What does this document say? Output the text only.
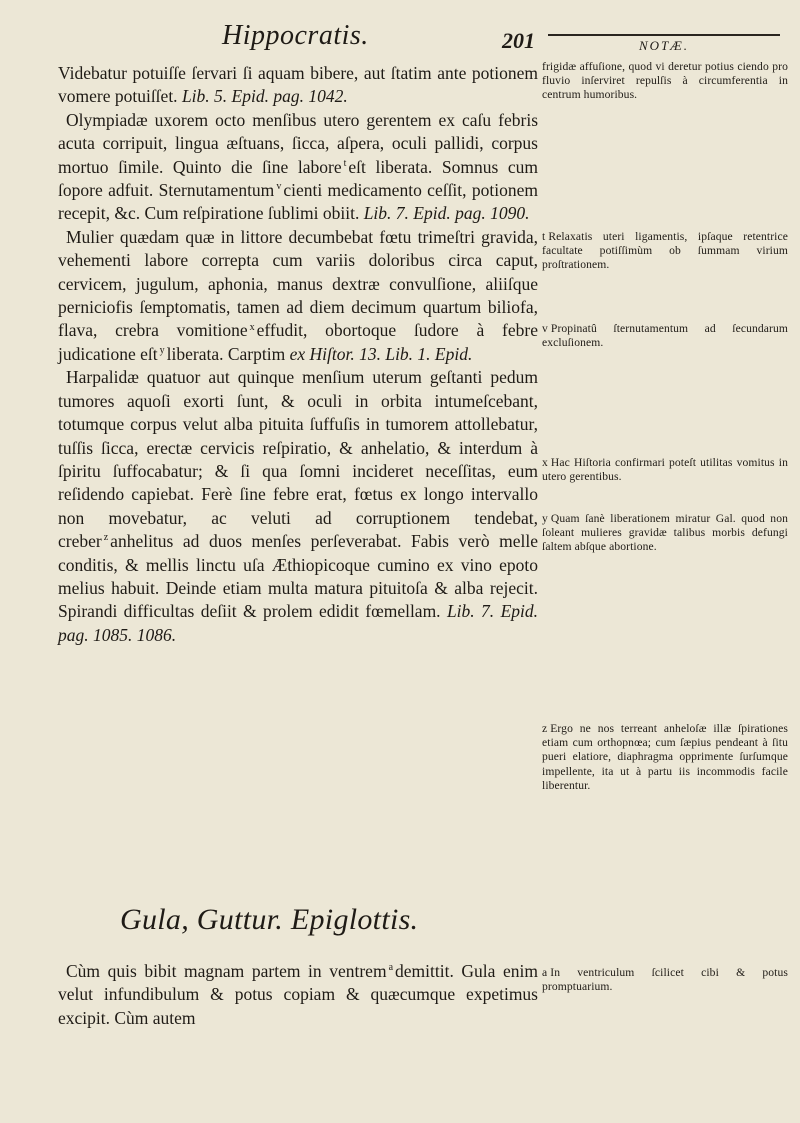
Hippocratis.	201	NOTÆ.

Videbatur potuiſſe ſervari ſi aquam bibere, aut ſtatim ante potionem vomere potuiſſet. Lib. 5. Epid. pag. 1042.

Olympiadæ uxorem octo menſibus utero gerentem ex caſu febris acuta corripuit, lingua æſtuans, ſicca, aſpera, oculi pallidi, corpus mortuo ſimile. Quinto die ſine labore $^t$ eſt liberata. Somnus cum ſopore adfuit. Sternutamentum $^v$ cienti medicamento ceſſit, potionem recepit, &c. Cum reſpiratione ſublimi obiit. Lib. 7. Epid. pag. 1090.

Mulier quædam quæ in littore decumbebat fœtu trimeſtri gravida, vehementi labore correpta cum variis doloribus circa caput, cervicem, jugulum, aphonia, manus dextræ convulſione, aliiſque perniciofis ſemptomatis, tamen ad diem decimum quartum biliofa, flava, crebra vomitione $^x$ effudit, obortoque ſudore à febre judicatione eſt $^y$ liberata. Carptim ex Hiſtor. 13. Lib. 1. Epid.

Harpalidæ quatuor aut quinque menſium uterum geſtanti pedum tumores aquoſi exorti ſunt, & oculi in orbita intumeſcebant, totumque corpus velut alba pituita ſuffuſis in tumorem attollebatur, tuſſis ſicca, erectæ cervicis reſpiratio, & anhelatio, & interdum à ſpiritu ſuffocabatur; & ſi qua ſomni incideret neceſſitas, eum reſidendo capiebat. Ferè ſine febre erat, fœtus ex longo intervallo non movebatur, ac veluti ad corruptionem tendebat, creber $^z$ anhelitus ad duos menſes perſeverabat. Fabis verò melle conditis, & mellis linctu uſa Æthiopicoque cumino ex vino epoto melius habuit. Deinde etiam multa matura pituitoſa & alba rejecit. Spirandi difficultas deſiit & prolem edidit fœmellam. Lib. 7. Epid. pag. 1085. 1086.

Gula, Guttur. Epiglottis.

Cùm quis bibit magnam partem in ventrem $^a$ demittit. Gula enim velut infundibulum & potus copiam & quæcumque expetimus excipit. Cùm autem

frigidæ affuſione, quod vi deretur potius ciendo pro fluvio inſerviret repulſis à circumferentia in centrum humoribus.
t Relaxatis uteri ligamentis, ipſaque retentrice facultate potiſſimùm ob ſummam virium proſtrationem.
v Propinatû ſternutamentum ad ſecundarum excluſionem.
x Hac Hiſtoria confirmari poteſt utilitas vomitus in utero gerentibus.
y Quam ſanè liberationem miratur Gal. quod non ſoleant mulieres gravidæ talibus morbis defungi ſaltem abſque abortione.
z Ergo ne nos terreant anheloſæ illæ ſpirationes etiam cum orthopnœa; cum ſæpius pendeant à ſitu pueri elatiore, diaphragma opprimente ſurſumque impellente, ita ut à partu iis incommodis facile liberentur.
a In ventriculum ſcilicet cibi & potus promptuarium.
